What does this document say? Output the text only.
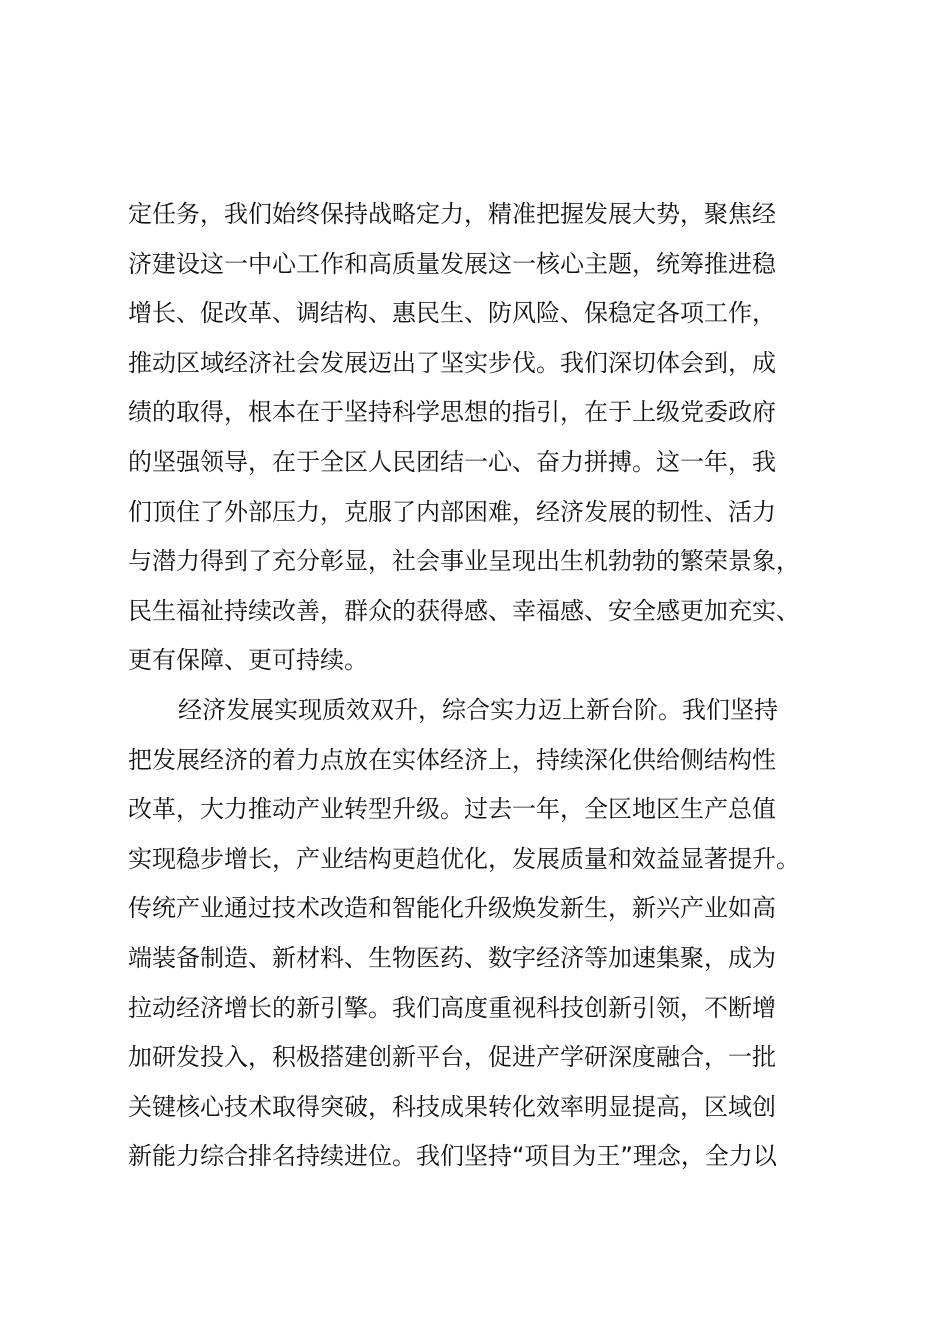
定任务，我们始终保持战略定力，精准把握发展大势，聚焦经
济建设这一中心工作和高质量发展这一核心主题，统筹推进稳
增长、促改革、调结构、惠民生、防风险、保稳定各项工作，
推动区域经济社会发展迈出了坚实步伐。我们深切体会到，成
绩的取得，根本在于坚持科学思想的指引，在于上级党委政府
的坚强领导，在于全区人民团结一心、奋力拼搏。这一年，我
们顶住了外部压力，克服了内部困难，经济发展的韧性、活力
与潜力得到了充分彰显，社会事业呈现出生机勃勃的繁荣景象，
民生福祉持续改善，群众的获得感、幸福感、安全感更加充实、
更有保障、更可持续。
经济发展实现质效双升，综合实力迈上新台阶。我们坚持
把发展经济的着力点放在实体经济上，持续深化供给侧结构性
改革，大力推动产业转型升级。过去一年，全区地区生产总值
实现稳步增长，产业结构更趋优化，发展质量和效益显著提升。
传统产业通过技术改造和智能化升级焕发新生，新兴产业如高
端装备制造、新材料、生物医药、数字经济等加速集聚，成为
拉动经济增长的新引擎。我们高度重视科技创新引领，不断增
加研发投入，积极搭建创新平台，促进产学研深度融合，一批
关键核心技术取得突破，科技成果转化效率明显提高，区域创
新能力综合排名持续进位。我们坚持“项目为王”理念，全力以
